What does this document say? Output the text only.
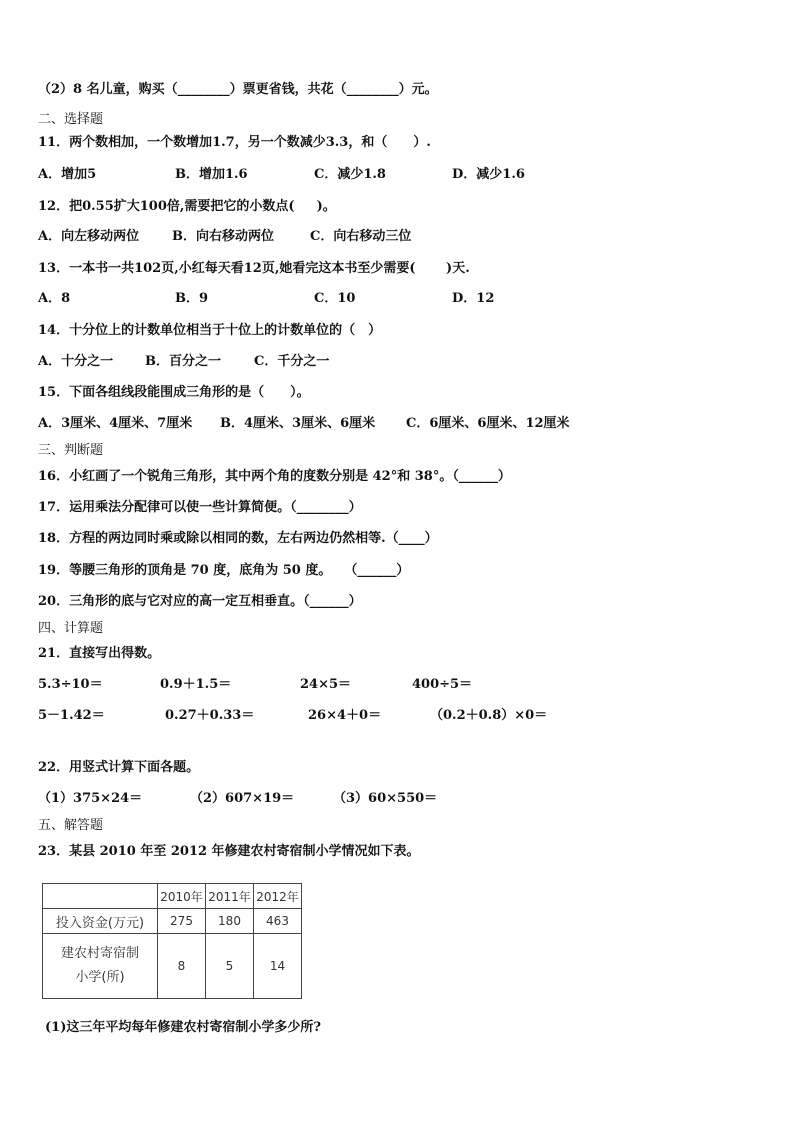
（2）8 名儿童，购买（________）票更省钱，共花（________）元。
二、选择题
11．两个数相加，一个数增加1.7，另一个数减少3.3，和（　　）.
A．增加5	B．增加1.6	C．减少1.8	D．减少1.6
12．把0.55扩大100倍,需要把它的小数点(　  )。
A．向左移动两位	B．向右移动两位	C．向右移动三位
13．一本书一共102页,小红每天看12页,她看完这本书至少需要(　　 )天.
A．8	B．9	C．10	D．12
14．十分位上的计数单位相当于十位上的计数单位的（　）
A．十分之一 B．百分之一	C．千分之一
15．下面各组线段能围成三角形的是（　　）。
A．3厘米、4厘米、7厘米 B．4厘米、3厘米、6厘米 C．6厘米、6厘米、12厘米
三、判断题
16．小红画了一个锐角三角形，其中两个角的度数分别是 42°和 38°。（______）
17．运用乘法分配律可以使一些计算简便。（________）
18．方程的两边同时乘或除以相同的数，左右两边仍然相等.（____）
19．等腰三角形的顶角是 70 度，底角为 50 度。　　（______）
20．三角形的底与它对应的高一定互相垂直。（______）
四、计算题
21．直接写出得数。
5.3÷10＝	0.9＋1.5＝	24×5＝	400÷5＝
5－1.42＝	0.27＋0.33＝	26×4＋0＝	（0.2＋0.8）×0＝
22．用竖式计算下面各题。
（1）375×24＝	（2）607×19＝	（3）60×550＝
五、解答题
23．某县 2010 年至 2012 年修建农村寄宿制小学情况如下表。
	2010年	2011年	2012年
投入资金(万元)	275	180	463

建农村寄宿制
小学(所)	8	5	14
(1)这三年平均每年修建农村寄宿制小学多少所?
